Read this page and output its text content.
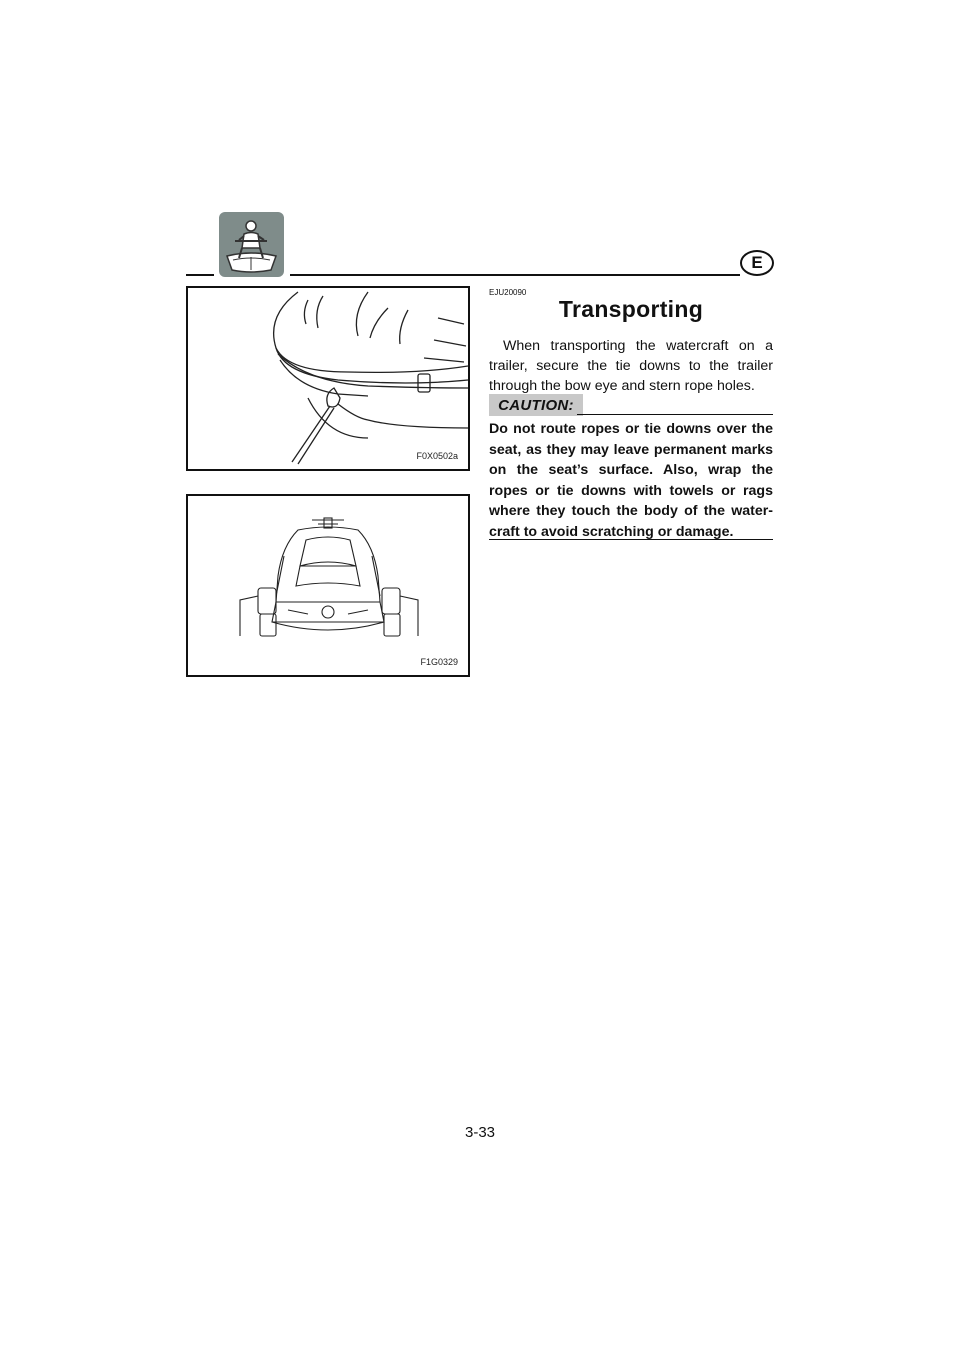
E
F0X0502a
F1G0329
EJU20090
Transporting
When transporting the watercraft on a trailer, secure the tie downs to the trailer through the bow eye and stern rope holes.
CAUTION:
Do not route ropes or tie downs over the seat, as they may leave permanent marks on the seat’s surface. Also, wrap the ropes or tie downs with towels or rags where they touch the body of the water-craft to avoid scratching or damage.
3-33
